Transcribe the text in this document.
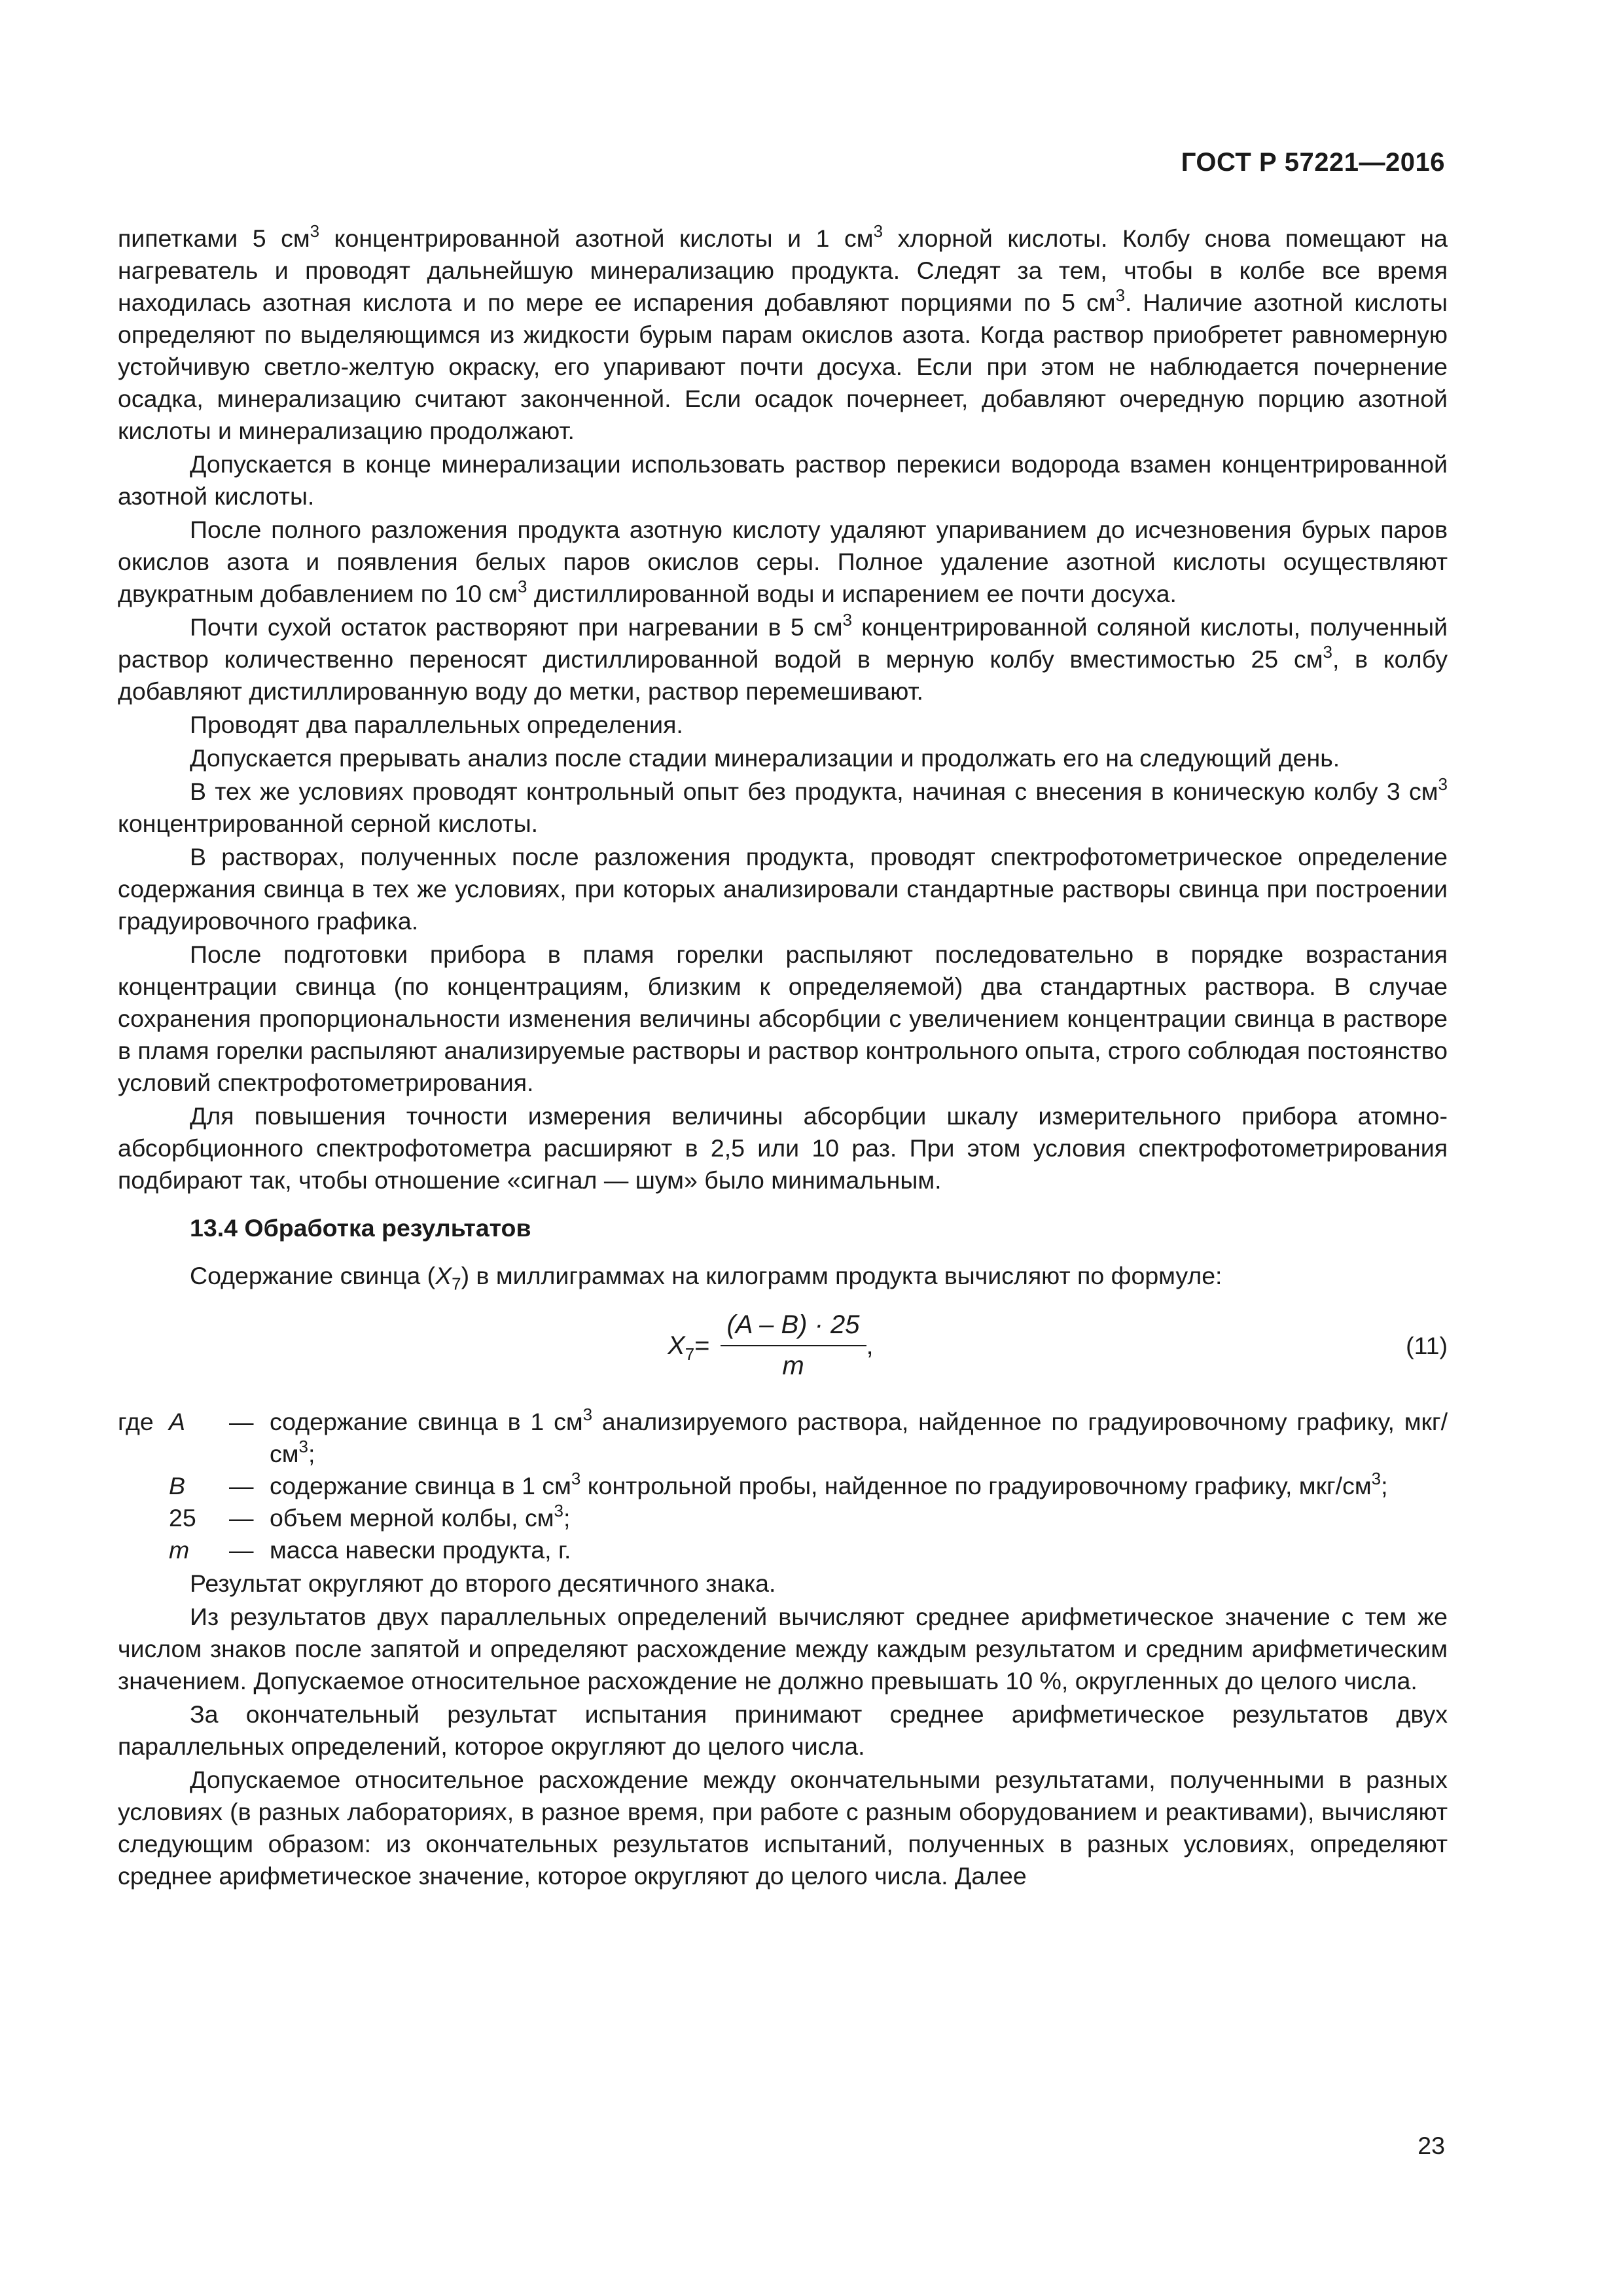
ГОСТ Р 57221—2016

пипетками 5 $см^3$ концентрированной азотной кислоты и 1 $см^3$ хлорной кислоты. Колбу снова помещают на нагреватель и проводят дальнейшую минерализацию продукта. Следят за тем, чтобы в колбе все время находилась азотная кислота и по мере ее испарения добавляют порциями по 5 $см^3$. Наличие азотной кислоты определяют по выделяющимся из жидкости бурым парам окислов азота. Когда раствор приобретет равномерную устойчивую светло-желтую окраску, его упаривают почти досуха. Если при этом не наблюдается почернение осадка, минерализацию считают законченной. Если осадок почернеет, добавляют очередную порцию азотной кислоты и минерализацию продолжают.

Допускается в конце минерализации использовать раствор перекиси водорода взамен концентрированной азотной кислоты.

После полного разложения продукта азотную кислоту удаляют упариванием до исчезновения бурых паров окислов азота и появления белых паров окислов серы. Полное удаление азотной кислоты осуществляют двукратным добавлением по 10 $см^3$ дистиллированной воды и испарением ее почти досуха.

Почти сухой остаток растворяют при нагревании в 5 $см^3$ концентрированной соляной кислоты, полученный раствор количественно переносят дистиллированной водой в мерную колбу вместимостью 25 $см^3$, в колбу добавляют дистиллированную воду до метки, раствор перемешивают.

Проводят два параллельных определения.

Допускается прерывать анализ после стадии минерализации и продолжать его на следующий день.

В тех же условиях проводят контрольный опыт без продукта, начиная с внесения в коническую колбу 3 $см^3$ концентрированной серной кислоты.

В растворах, полученных после разложения продукта, проводят спектрофотометрическое определение содержания свинца в тех же условиях, при которых анализировали стандартные растворы свинца при построении градуировочного графика.

После подготовки прибора в пламя горелки распыляют последовательно в порядке возрастания концентрации свинца (по концентрациям, близким к определяемой) два стандартных раствора. В случае сохранения пропорциональности изменения величины абсорбции с увеличением концентрации свинца в растворе в пламя горелки распыляют анализируемые растворы и раствор контрольного опыта, строго соблюдая постоянство условий спектрофотометрирования.

Для повышения точности измерения величины абсорбции шкалу измерительного прибора атомно-абсорбционного спектрофотометра расширяют в 2,5 или 10 раз. При этом условия спектрофотометрирования подбирают так, чтобы отношение «сигнал — шум» было минимальным.

13.4 Обработка результатов

Содержание свинца $(X_7)$ в миллиграммах на килограмм продукта вычисляют по формуле:

$X_7 = \frac{(A - B) \cdot 25}{m}$ ,	(11)
где A	—	содержание свинца в 1 $см^3$ анализируемого раствора, найденное по градуировочному графику, мкг/$см^3$;
B	—	содержание свинца в 1 $см^3$ контрольной пробы, найденное по градуировочному графику, мкг/$см^3$;
25	—	объем мерной колбы, $см^3$;
m	—	масса навески продукта, г.

Результат округляют до второго десятичного знака.

Из результатов двух параллельных определений вычисляют среднее арифметическое значение с тем же числом знаков после запятой и определяют расхождение между каждым результатом и средним арифметическим значением. Допускаемое относительное расхождение не должно превышать 10 %, округленных до целого числа.

За окончательный результат испытания принимают среднее арифметическое результатов двух параллельных определений, которое округляют до целого числа.

Допускаемое относительное расхождение между окончательными результатами, полученными в разных условиях (в разных лабораториях, в разное время, при работе с разным оборудованием и реактивами), вычисляют следующим образом: из окончательных результатов испытаний, полученных в разных условиях, определяют среднее арифметическое значение, которое округляют до целого числа. Далее

23
